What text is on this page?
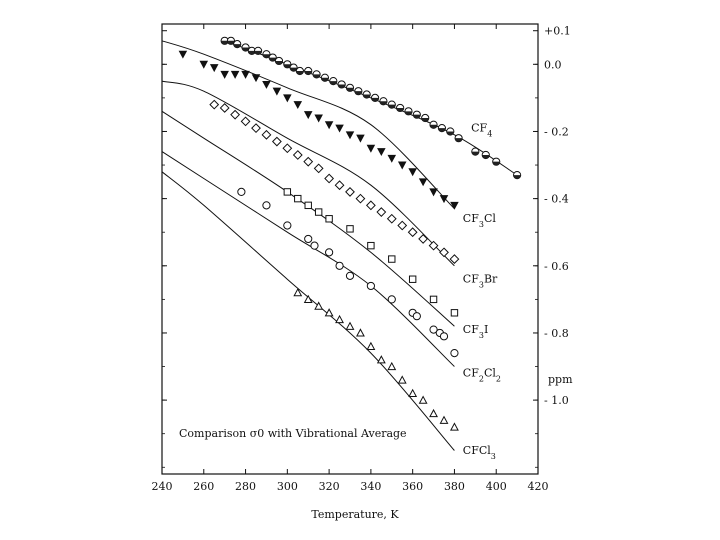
240 260 280 300 320 340 360 380 400 420
+0.1
0.0
- 0.2
- 0.4
- 0.6
- 0.8
- 1.0
$CF_4$
$CF_3Cl$
$CF_3Br$
$CF_3I$
$CF_2Cl_2$
CFCl$_3$
Temperature, K
ppm
Comparison σ0 with Vibrational Average
